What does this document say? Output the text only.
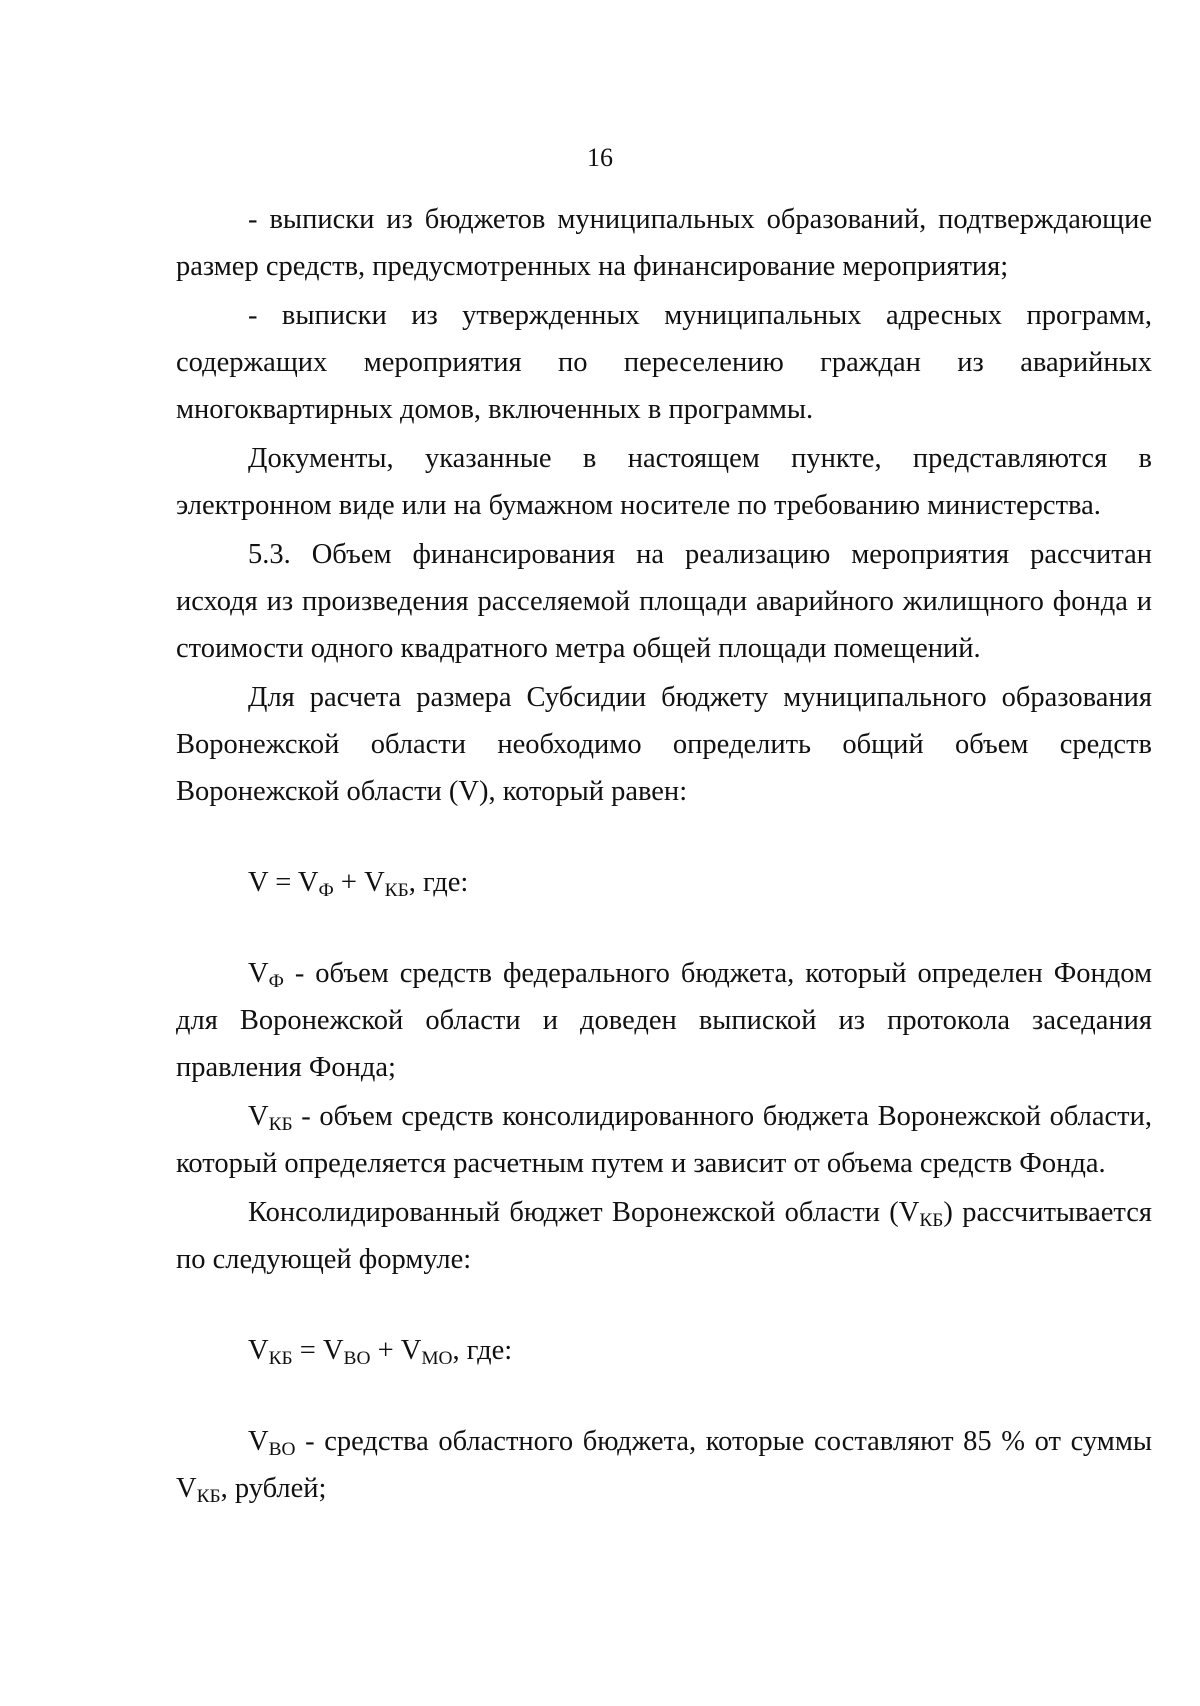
16

- выписки из бюджетов муниципальных образований, подтверждающие размер средств, предусмотренных на финансирование мероприятия;

- выписки из утвержденных муниципальных адресных программ, содержащих мероприятия по переселению граждан из аварийных многоквартирных домов, включенных в программы.

Документы, указанные в настоящем пункте, представляются в электронном виде или на бумажном носителе по требованию министерства.

5.3. Объем финансирования на реализацию мероприятия рассчитан исходя из произведения расселяемой площади аварийного жилищного фонда и стоимости одного квадратного метра общей площади помещений.

Для расчета размера Субсидии бюджету муниципального образования Воронежской области необходимо определить общий объем средств Воронежской области (V), который равен:

$V = V_Ф + V_{КБ}$, где:

$V_Ф$ - объем средств федерального бюджета, который определен Фондом для Воронежской области и доведен выпиской из протокола заседания правления Фонда;

$V_{КБ}$ - объем средств консолидированного бюджета Воронежской области, который определяется расчетным путем и зависит от объема средств Фонда.

Консолидированный бюджет Воронежской области $(V_{КБ})$ рассчитывается по следующей формуле:

$V_{КБ} = V_{ВО} + V_{МО}$, где:

$V_{ВО}$ - средства областного бюджета, которые составляют 85 % от суммы $V_{КБ}$, рублей;
